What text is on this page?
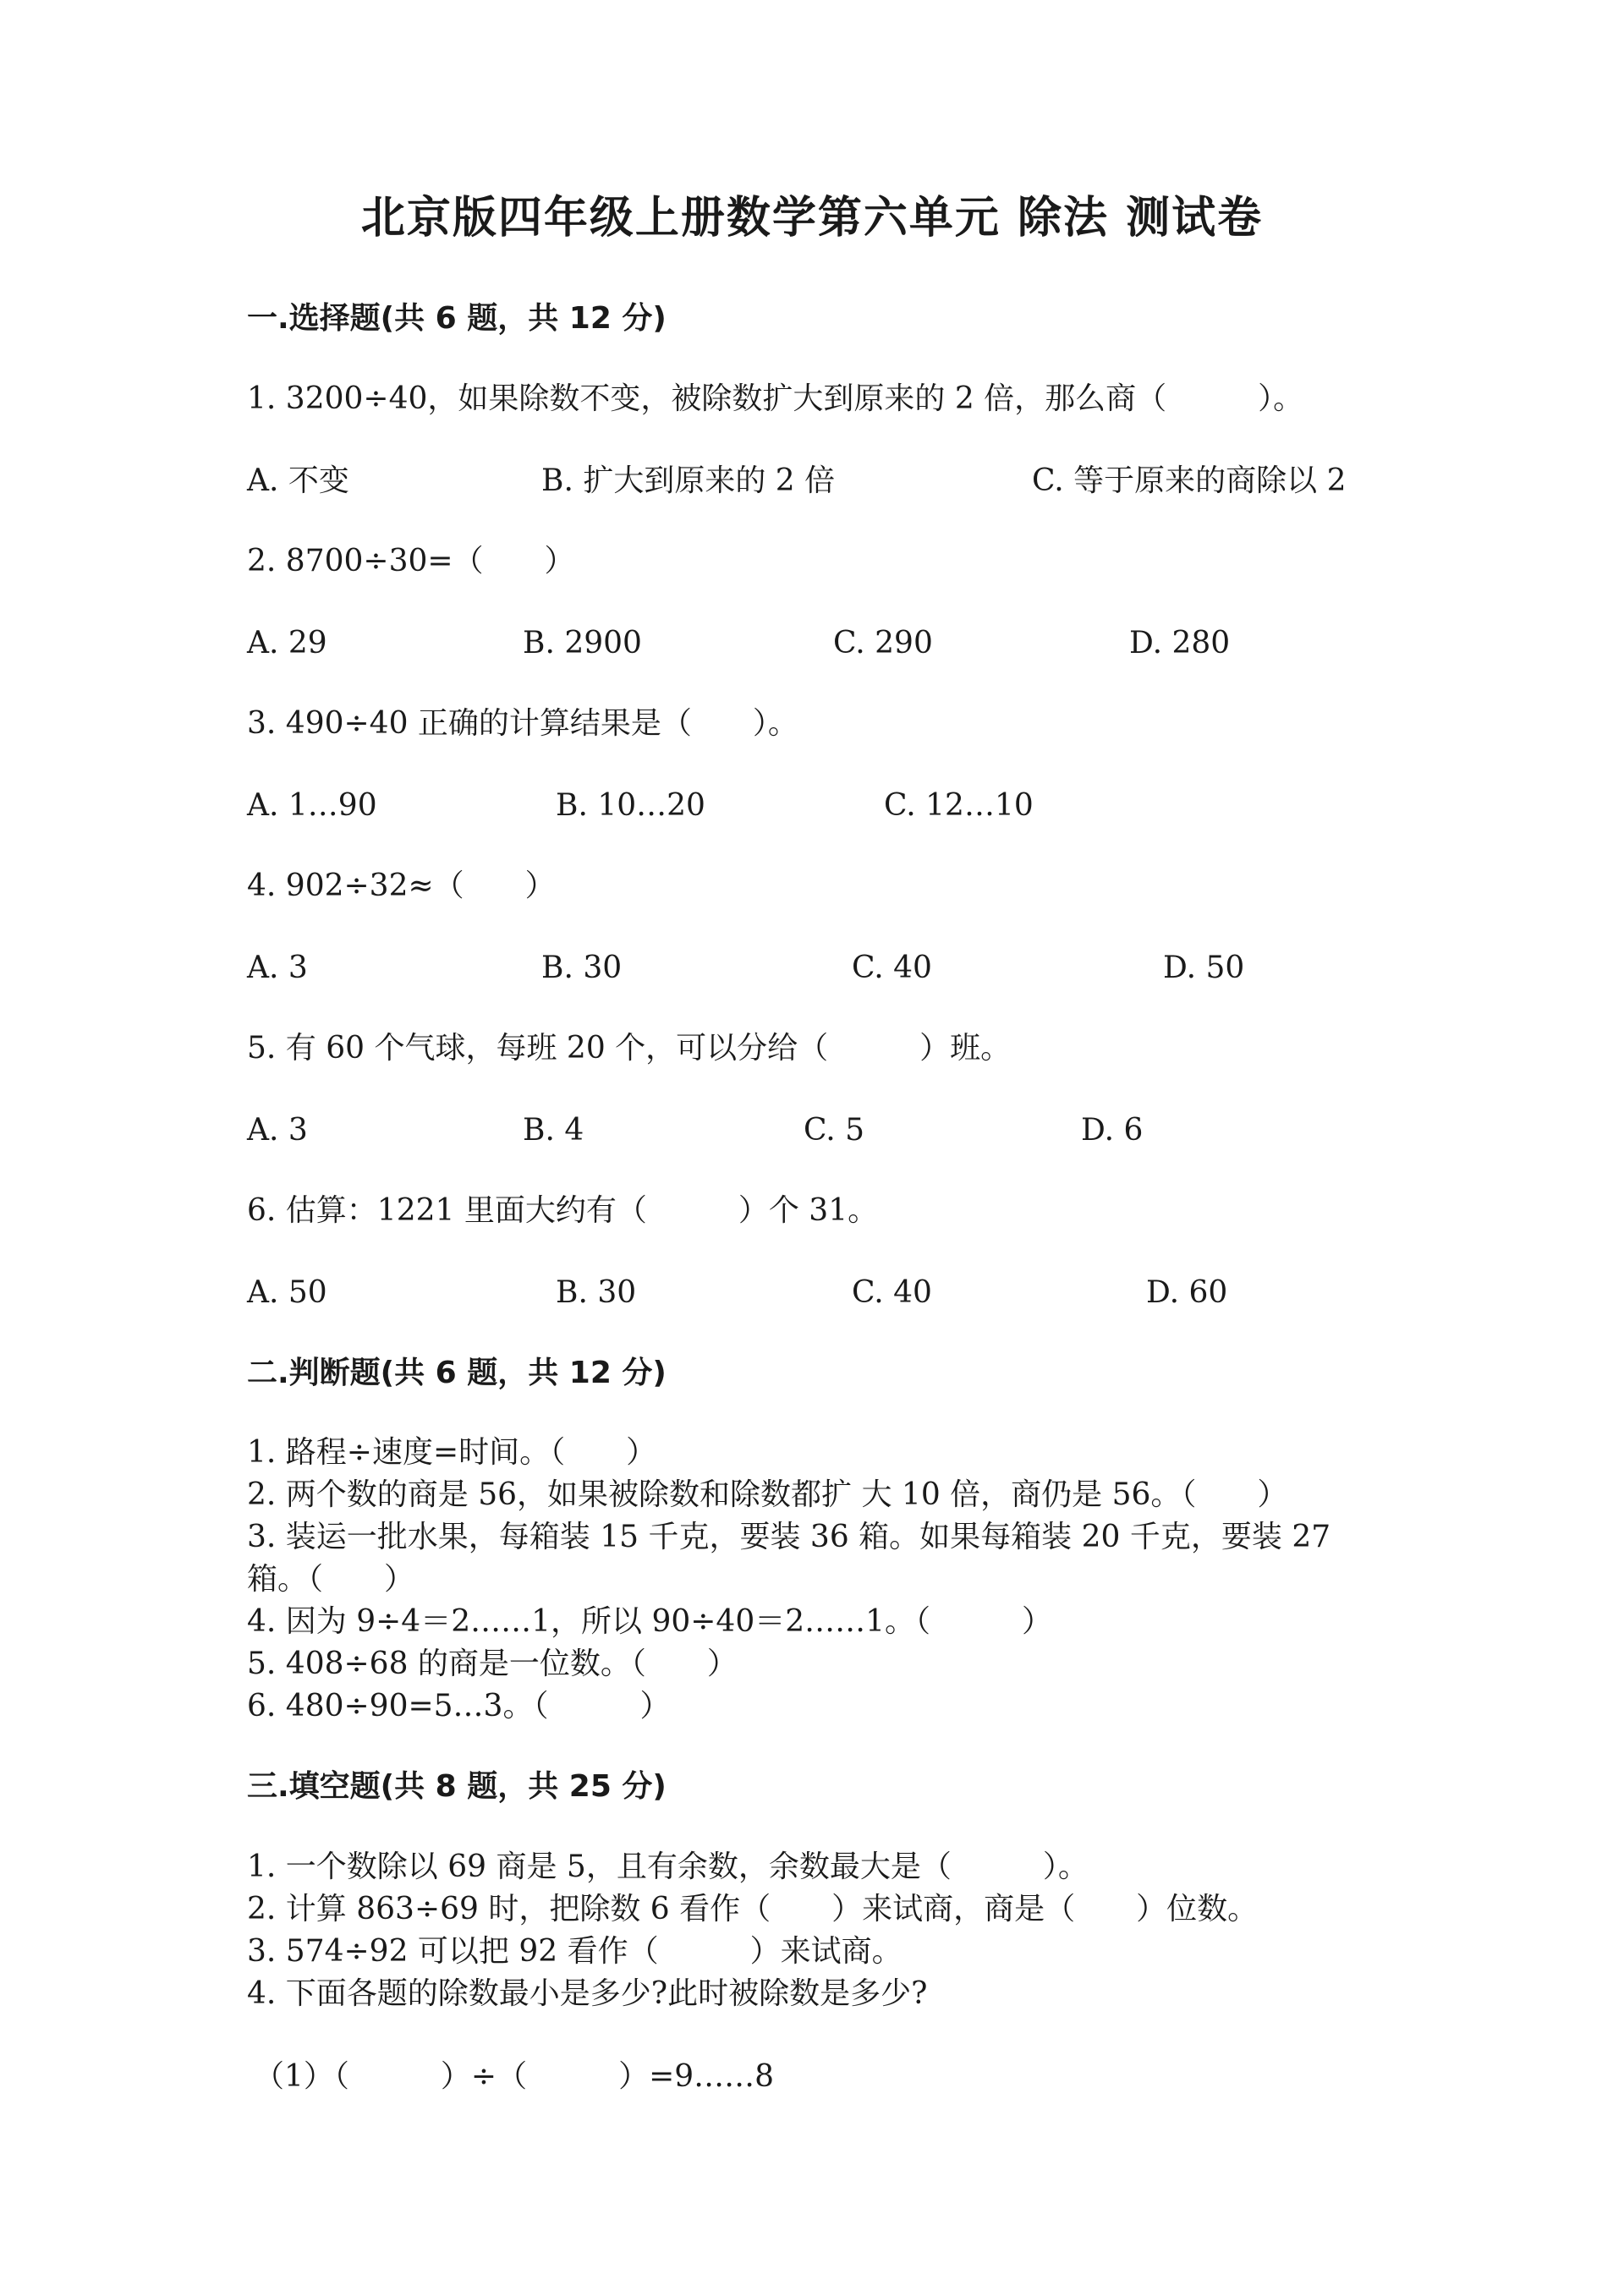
北京版四年级上册数学第六单元 除法 测试卷
一.选择题(共 6 题，共 12 分)
1. 3200÷40，如果除数不变，被除数扩大到原来的 2 倍，那么商（　　　）。
A. 不变	B. 扩大到原来的 2 倍	C. 等于原来的商除以 2
2. 8700÷30=（　　）
A. 29	B. 2900	C. 290	D. 280
3. 490÷40 正确的计算结果是（　　）。
A. 1…90	B. 10…20	C. 12…10
4. 902÷32≈（　　）
A. 3	B. 30	C. 40	D. 50
5. 有 60 个气球，每班 20 个，可以分给（　　　）班。
A. 3	B. 4	C. 5	D. 6
6. 估算：1221 里面大约有（　　　）个 31。
A. 50	B. 30	C. 40	D. 60
二.判断题(共 6 题，共 12 分)
1. 路程÷速度=时间。（　　）
2. 两个数的商是 56，如果被除数和除数都扩 大 10 倍，商仍是 56。（　　）
3. 装运一批水果，每箱装 15 千克，要装 36 箱。如果每箱装 20 千克，要装 27
箱。（　　）
4. 因为 9÷4＝2……1，所以 90÷40＝2……1。（　　　）
5. 408÷68 的商是一位数。（　　）
6. 480÷90=5…3。（　　　）
三.填空题(共 8 题，共 25 分)
1. 一个数除以 69 商是 5，且有余数，余数最大是（　　　）。
2. 计算 863÷69 时，把除数 6 看作（　　）来试商，商是（　　）位数。
3. 574÷92 可以把 92 看作（　　　）来试商。
4. 下面各题的除数最小是多少?此时被除数是多少?
（1）（　　　）÷（　　　）=9……8
